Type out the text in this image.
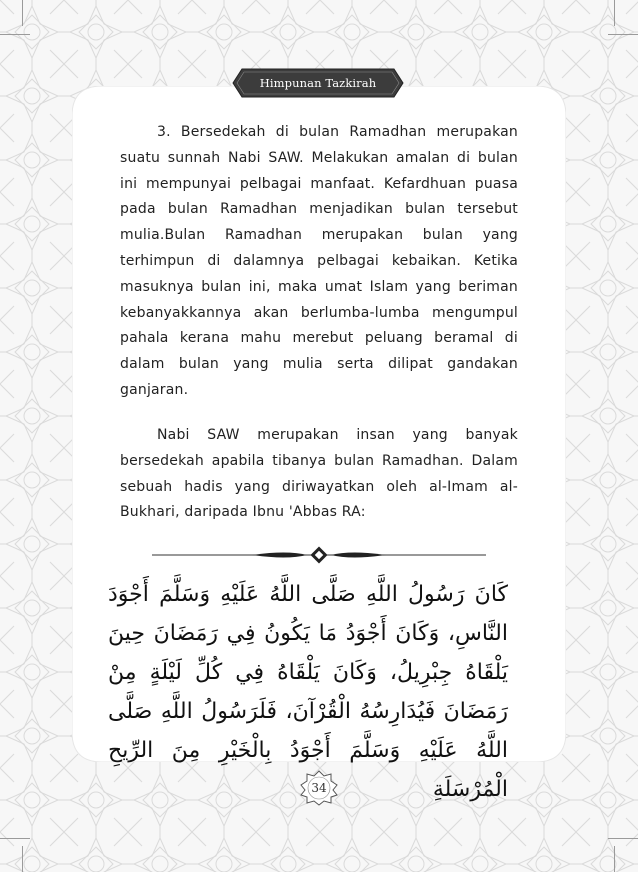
Himpunan Tazkirah Ramadan

3. Bersedekah di bulan Ramadhan merupakan suatu sunnah Nabi SAW. Melakukan amalan di bulan ini mempunyai pelbagai manfaat. Kefardhuan puasa pada bulan Ramadhan menjadikan bulan tersebut mulia.Bulan Ramadhan merupakan bulan yang terhimpun di dalamnya pelbagai kebaikan. Ketika masuknya bulan ini, maka umat Islam yang beriman kebanyakkannya akan berlumba-lumba mengumpul pahala kerana mahu merebut peluang beramal di dalam bulan yang mulia serta dilipat gandakan ganjaran.

Nabi SAW merupakan insan yang banyak bersedekah apabila tibanya bulan Ramadhan. Dalam sebuah hadis yang diriwayatkan oleh al-Imam al-Bukhari, daripada Ibnu 'Abbas RA:

كَانَ رَسُولُ اللَّهِ صَلَّى اللَّهُ عَلَيْهِ وَسَلَّمَ أَجْوَدَ النَّاسِ، وَكَانَ أَجْوَدُ مَا يَكُونُ فِي رَمَضَانَ حِينَ يَلْقَاهُ جِبْرِيلُ، وَكَانَ يَلْقَاهُ فِي كُلِّ لَيْلَةٍ مِنْ رَمَضَانَ فَيُدَارِسُهُ الْقُرْآنَ، فَلَرَسُولُ اللَّهِ صَلَّى اللَّهُ عَلَيْهِ وَسَلَّمَ أَجْوَدُ بِالْخَيْرِ مِنَ الرِّيحِ الْمُرْسَلَةِ

34
